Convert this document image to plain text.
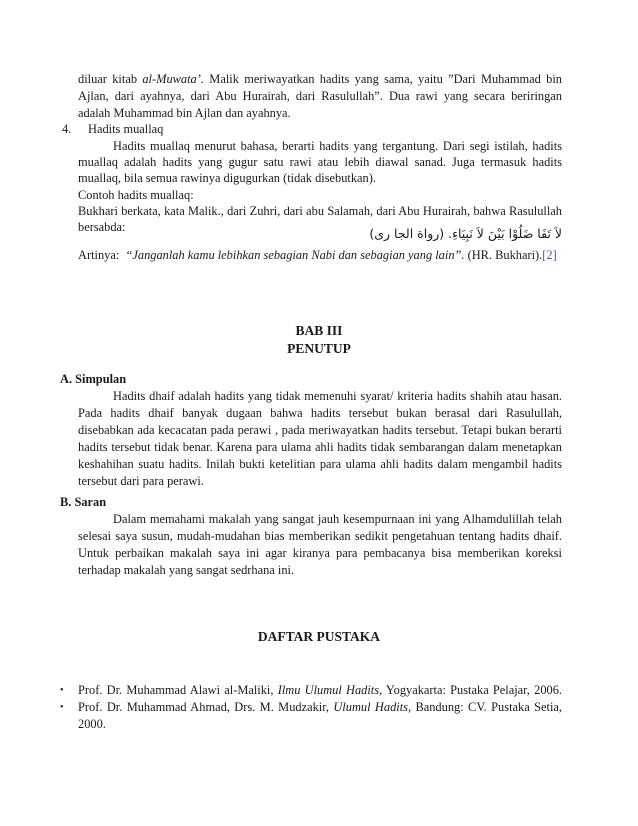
diluar kitab al-Muwata’. Malik meriwayatkan hadits yang sama, yaitu ”Dari Muhammad bin
Ajlan, dari ayahnya, dari Abu Hurairah, dari Rasulullah”. Dua rawi yang secara beriringan
adalah Muhammad bin Ajlan dan ayahnya.
4. Hadits muallaq
Hadits muallaq menurut bahasa, berarti hadits yang tergantung. Dari segi istilah, hadits
muallaq adalah hadits yang gugur satu rawi atau lebih diawal sanad. Juga termasuk hadits
muallaq, bila semua rawinya digugurkan (tidak disebutkan).
Contoh hadits muallaq:
Bukhari berkata, kata Malik., dari Zuhri, dari abu Salamah, dari Abu Hurairah, bahwa Rasulullah
bersabda:	لاَ تَفَا ضَلُوْا بَيْنَ لاَ نَبِيَاءِ. (رواة الجا رى)
Artinya: “Janganlah kamu lebihkan sebagian Nabi dan sebagian yang lain”. (HR. Bukhari).[2]
BAB III
PENUTUP
A. Simpulan
Hadits dhaif adalah hadits yang tidak memenuhi syarat/ kriteria hadits shahih atau hasan.
Pada hadits dhaif banyak dugaan bahwa hadits tersebut bukan berasal dari Rasulullah,
disebabkan ada kecacatan pada perawi , pada meriwayatkan hadits tersebut. Tetapi bukan berarti
hadits tersebut tidak benar. Karena para ulama ahli hadits tidak sembarangan dalam menetapkan
keshahihan suatu hadits. Inilah bukti ketelitian para ulama ahli hadits dalam mengambil hadits
tersebut dari para perawi.
B. Saran
Dalam memahami makalah yang sangat jauh kesempurnaan ini yang Alhamdulillah telah
selesai saya susun, mudah-mudahan bias memberikan sedikit pengetahuan tentang hadits dhaif.
Untuk perbaikan makalah saya ini agar kiranya para pembacanya bisa memberikan koreksi
terhadap makalah yang sangat sedrhana ini.
DAFTAR PUSTAKA
• Prof. Dr. Muhammad Alawi al-Maliki, Ilmu Ulumul Hadits, Yogyakarta: Pustaka Pelajar, 2006.
• Prof. Dr. Muhammad Ahmad, Drs. M. Mudzakir, Ulumul Hadits, Bandung: CV. Pustaka Setia,
2000.
